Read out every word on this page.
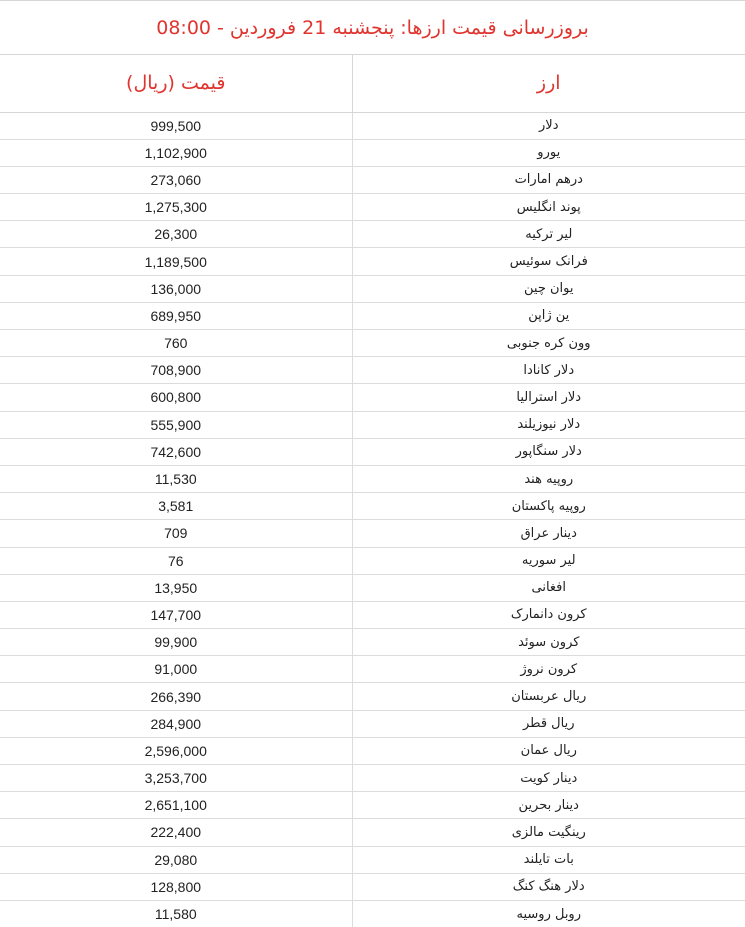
بروزرسانی قیمت ارزها: پنجشنبه 21 فروردین - 08:00
قیمت (ریال)	ارز
999,500	دلار
1,102,900	یورو
273,060	درهم امارات
1,275,300	پوند انگلیس
26,300	لیر ترکیه
1,189,500	فرانک سوئیس
136,000	یوان چین
689,950	ین ژاپن
760	وون کره جنوبی
708,900	دلار کانادا
600,800	دلار استرالیا
555,900	دلار نیوزیلند
742,600	دلار سنگاپور
11,530	روپیه هند
3,581	روپیه پاکستان
709	دینار عراق
76	لیر سوریه
13,950	افغانی
147,700	کرون دانمارک
99,900	کرون سوئد
91,000	کرون نروژ
266,390	ریال عربستان
284,900	ریال قطر
2,596,000	ریال عمان
3,253,700	دینار کویت
2,651,100	دینار بحرین
222,400	رینگیت مالزی
29,080	بات تایلند
128,800	دلار هنگ کنگ
11,580	روبل روسیه
